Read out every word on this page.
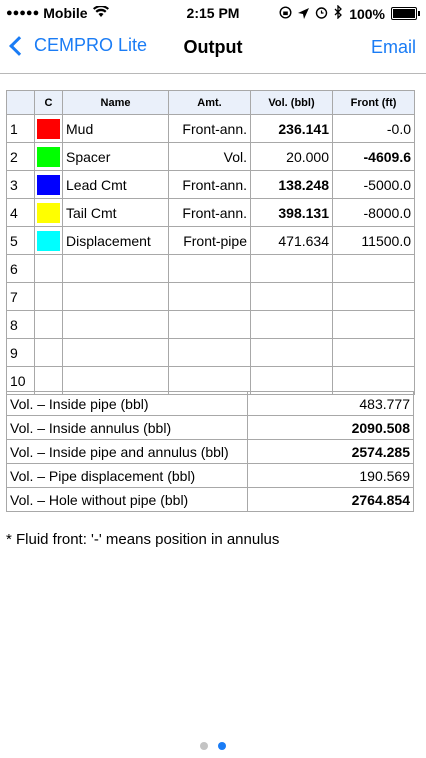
●●●●● Mobile	2:15 PM	100%
CEMPRO Lite	Output	Email
	C	Name	Amt.	Vol. (bbl)	Front (ft)
1		Mud	Front-ann.	236.141	-0.0
2		Spacer	Vol.	20.000	-4609.6
3		Lead Cmt	Front-ann.	138.248	-5000.0
4		Tail Cmt	Front-ann.	398.131	-8000.0
5		Displacement	Front-pipe	471.634	11500.0
6	

7	

8	

9	

10	

Vol. – Inside pipe (bbl)	483.777
Vol. – Inside annulus (bbl)	2090.508
Vol. – Inside pipe and annulus (bbl)	2574.285
Vol. – Pipe displacement (bbl)	190.569
Vol. – Hole without pipe (bbl)	2764.854
* Fluid front: '-' means position in annulus
